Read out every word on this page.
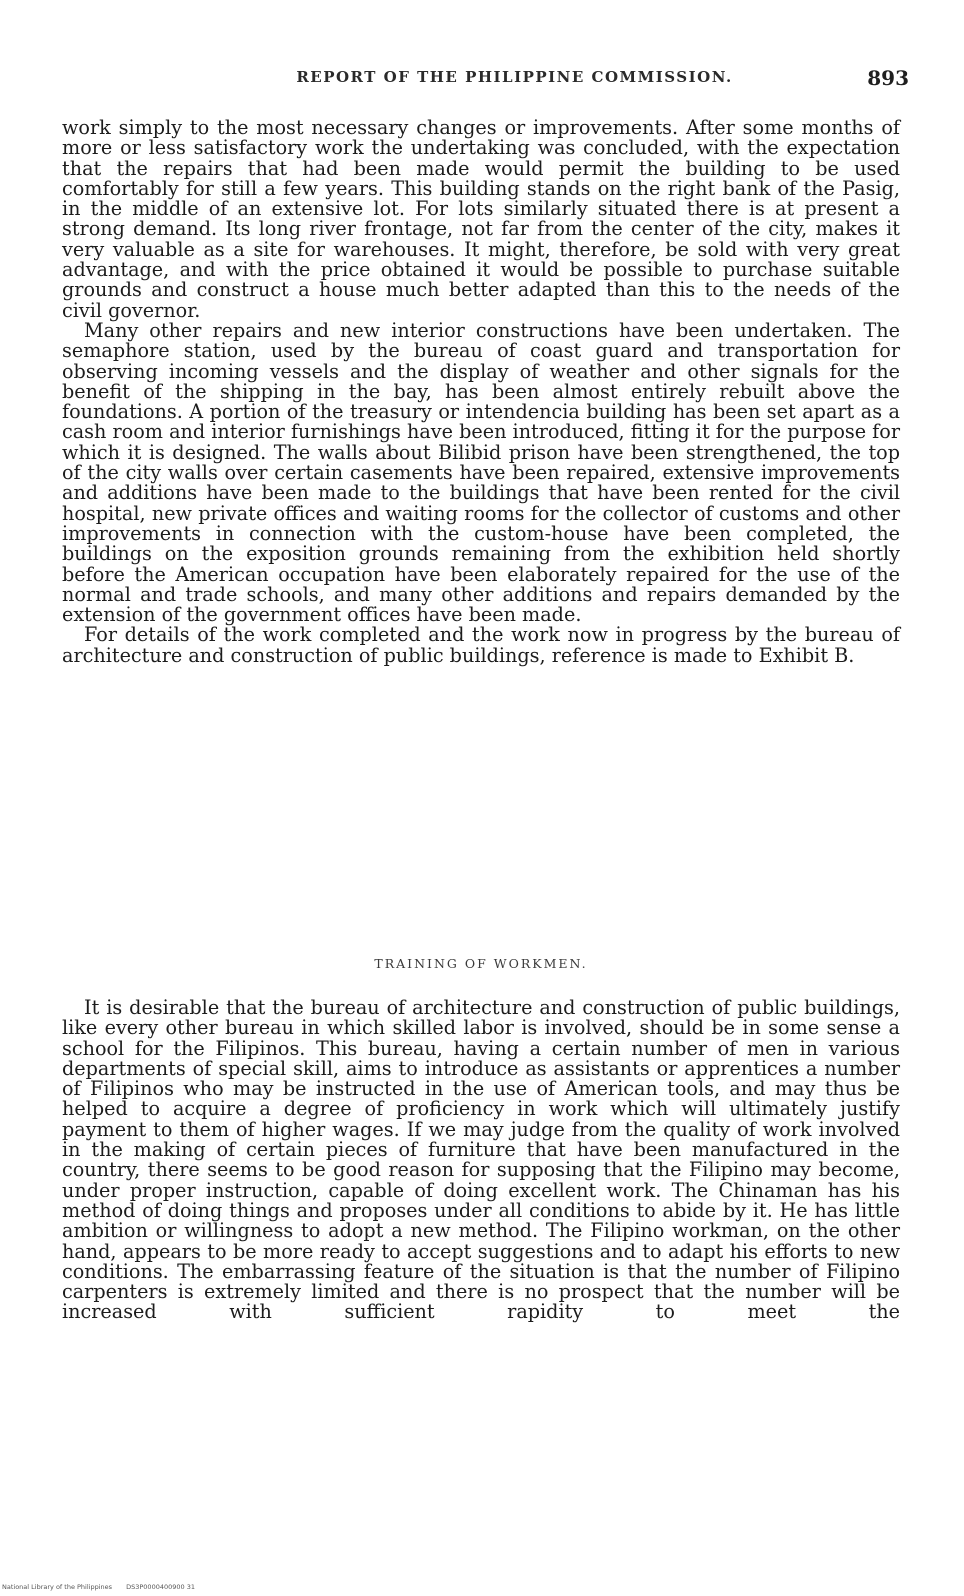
REPORT OF THE PHILIPPINE COMMISSION.	893

work simply to the most necessary changes or improvements. After some months of more or less satisfactory work the undertaking was concluded, with the expectation that the repairs that had been made would permit the building to be used comfortably for still a few years. This building stands on the right bank of the Pasig, in the middle of an extensive lot. For lots similarly situated there is at present a strong demand. Its long river frontage, not far from the center of the city, makes it very valuable as a site for warehouses. It might, therefore, be sold with very great advantage, and with the price obtained it would be possible to purchase suitable grounds and construct a house much better adapted than this to the needs of the civil governor.

Many other repairs and new interior constructions have been undertaken. The semaphore station, used by the bureau of coast guard and transportation for observing incoming vessels and the display of weather and other signals for the benefit of the shipping in the bay, has been almost entirely rebuilt above the foundations. A portion of the treasury or intendencia building has been set apart as a cash room and interior furnishings have been introduced, fitting it for the purpose for which it is designed. The walls about Bilibid prison have been strengthened, the top of the city walls over certain casements have been repaired, extensive improvements and additions have been made to the buildings that have been rented for the civil hospital, new private offices and waiting rooms for the collector of customs and other improvements in connection with the custom-house have been completed, the buildings on the exposition grounds remaining from the exhibition held shortly before the American occupation have been elaborately repaired for the use of the normal and trade schools, and many other additions and repairs demanded by the extension of the government offices have been made.

For details of the work completed and the work now in progress by the bureau of architecture and construction of public buildings, reference is made to Exhibit B.

TRAINING OF WORKMEN.

It is desirable that the bureau of architecture and construction of public buildings, like every other bureau in which skilled labor is involved, should be in some sense a school for the Filipinos. This bureau, having a certain number of men in various departments of special skill, aims to introduce as assistants or apprentices a number of Filipinos who may be instructed in the use of American tools, and may thus be helped to acquire a degree of proficiency in work which will ultimately justify payment to them of higher wages. If we may judge from the quality of work involved in the making of certain pieces of furniture that have been manufactured in the country, there seems to be good reason for supposing that the Filipino may become, under proper instruction, capable of doing excellent work. The Chinaman has his method of doing things and proposes under all conditions to abide by it. He has little ambition or willingness to adopt a new method. The Filipino workman, on the other hand, appears to be more ready to accept suggestions and to adapt his efforts to new conditions. The embarrassing feature of the situation is that the number of Filipino carpenters is extremely limited and there is no prospect that the number will be increased with sufficient rapidity to meet the

National Library of the Philippines DS3P0000400900 31
